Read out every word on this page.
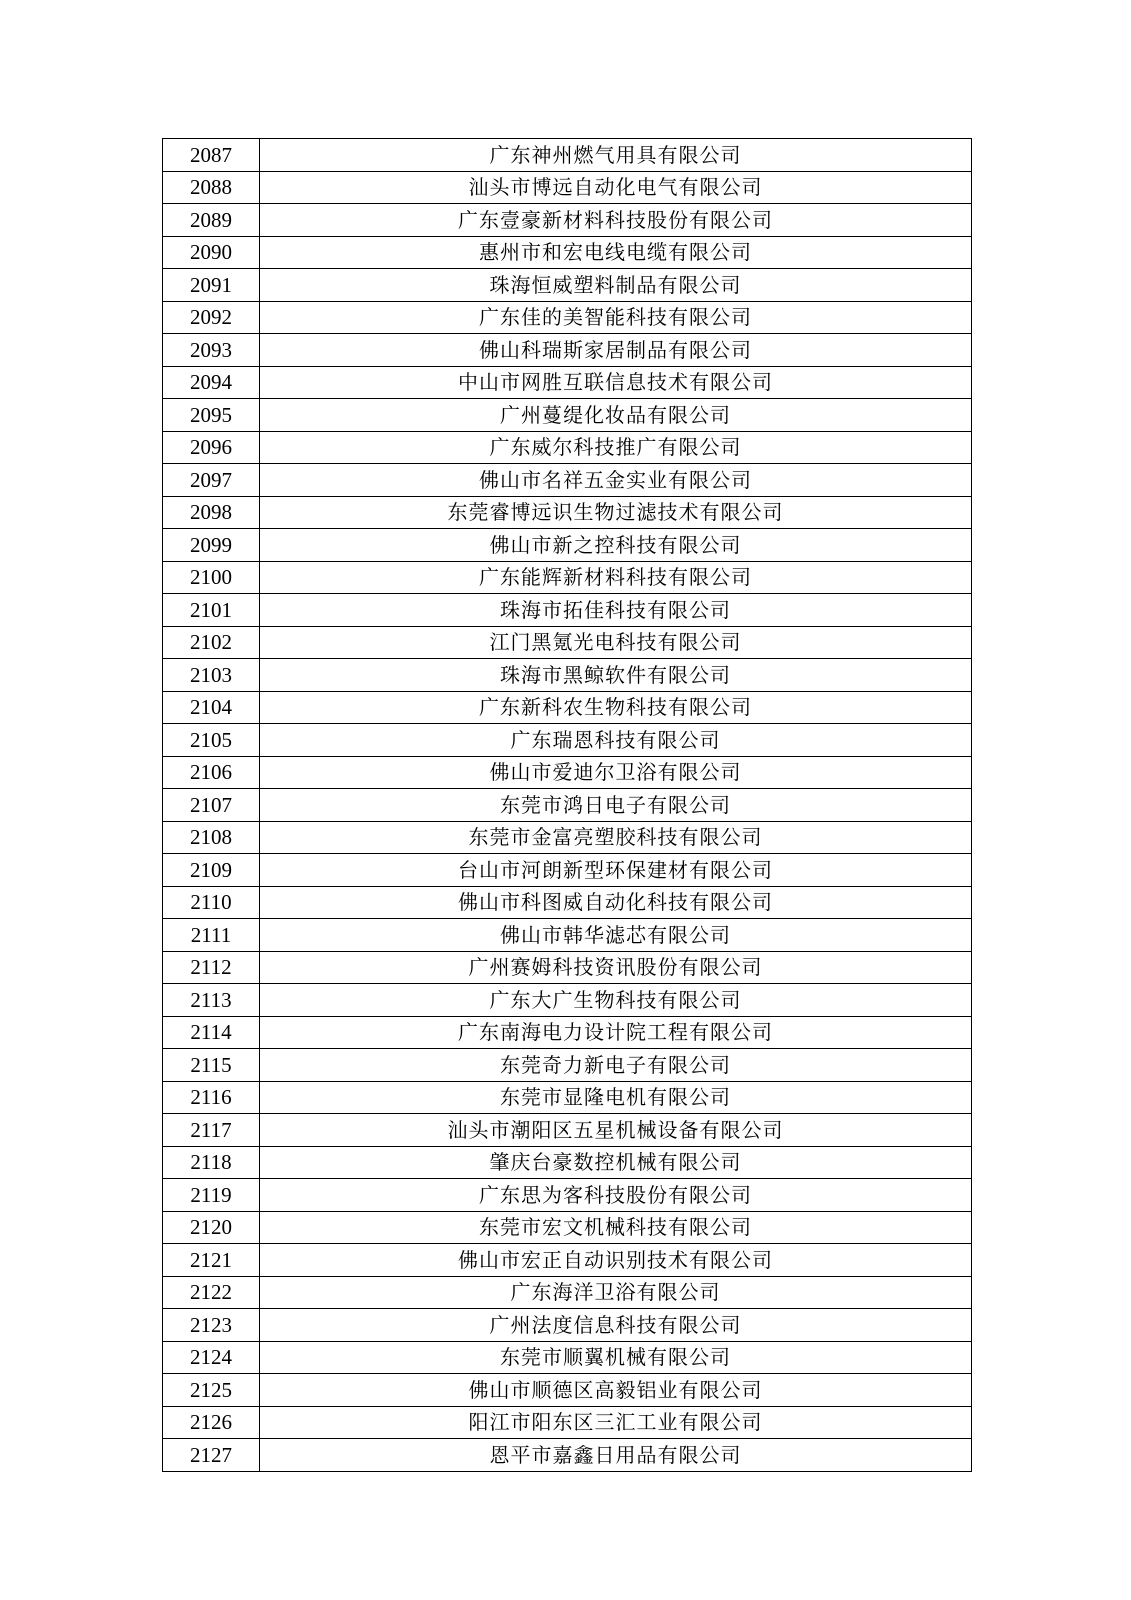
2087	广东神州燃气用具有限公司
2088	汕头市博远自动化电气有限公司
2089	广东壹豪新材料科技股份有限公司
2090	惠州市和宏电线电缆有限公司
2091	珠海恒威塑料制品有限公司
2092	广东佳的美智能科技有限公司
2093	佛山科瑞斯家居制品有限公司
2094	中山市网胜互联信息技术有限公司
2095	广州蔓缇化妆品有限公司
2096	广东威尔科技推广有限公司
2097	佛山市名祥五金实业有限公司
2098	东莞睿博远识生物过滤技术有限公司
2099	佛山市新之控科技有限公司
2100	广东能辉新材料科技有限公司
2101	珠海市拓佳科技有限公司
2102	江门黑氪光电科技有限公司
2103	珠海市黑鲸软件有限公司
2104	广东新科农生物科技有限公司
2105	广东瑞恩科技有限公司
2106	佛山市爱迪尔卫浴有限公司
2107	东莞市鸿日电子有限公司
2108	东莞市金富亮塑胶科技有限公司
2109	台山市河朗新型环保建材有限公司
2110	佛山市科图威自动化科技有限公司
2111	佛山市韩华滤芯有限公司
2112	广州赛姆科技资讯股份有限公司
2113	广东大广生物科技有限公司
2114	广东南海电力设计院工程有限公司
2115	东莞奇力新电子有限公司
2116	东莞市显隆电机有限公司
2117	汕头市潮阳区五星机械设备有限公司
2118	肇庆台豪数控机械有限公司
2119	广东思为客科技股份有限公司
2120	东莞市宏文机械科技有限公司
2121	佛山市宏正自动识别技术有限公司
2122	广东海洋卫浴有限公司
2123	广州法度信息科技有限公司
2124	东莞市顺翼机械有限公司
2125	佛山市顺德区高毅铝业有限公司
2126	阳江市阳东区三汇工业有限公司
2127	恩平市嘉鑫日用品有限公司
